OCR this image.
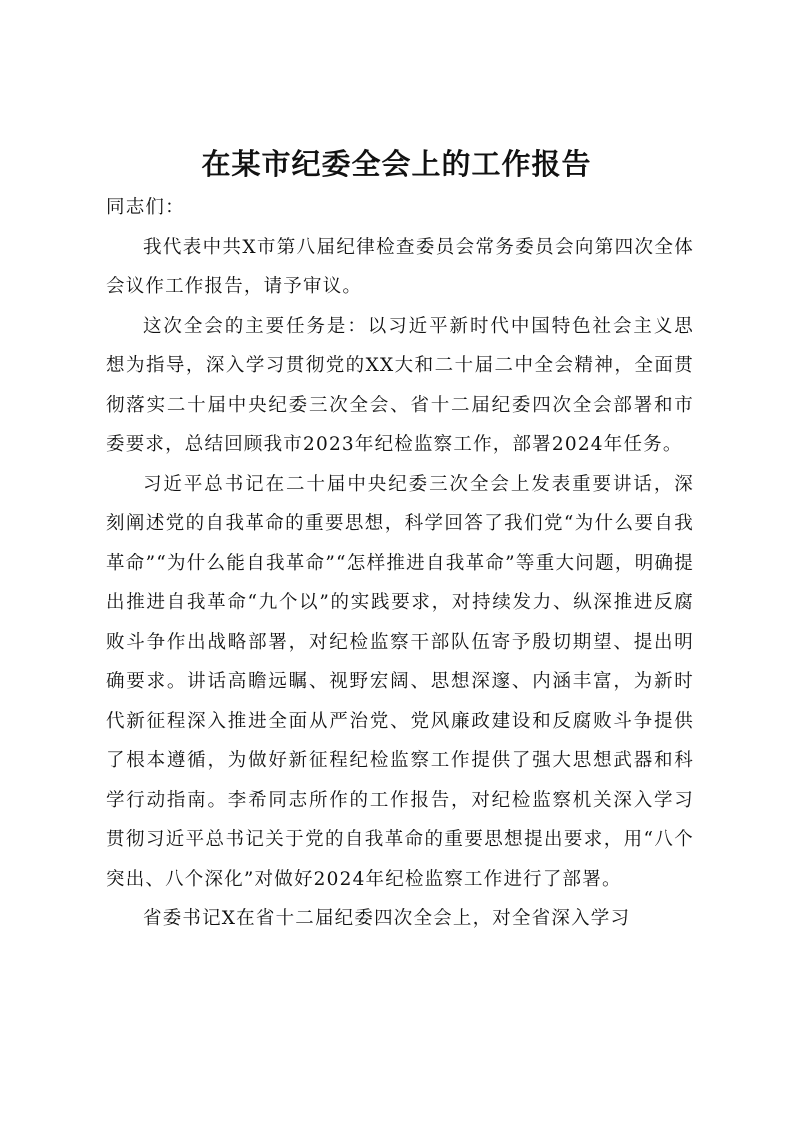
在某市纪委全会上的工作报告

同志们：

我代表中共X市第八届纪律检查委员会常务委员会向第四次全体会议作工作报告，请予审议。

这次全会的主要任务是：以习近平新时代中国特色社会主义思想为指导，深入学习贯彻党的XX大和二十届二中全会精神，全面贯彻落实二十届中央纪委三次全会、省十二届纪委四次全会部署和市委要求，总结回顾我市2023年纪检监察工作，部署2024年任务。

习近平总书记在二十届中央纪委三次全会上发表重要讲话，深刻阐述党的自我革命的重要思想，科学回答了我们党“为什么要自我革命”“为什么能自我革命”“怎样推进自我革命”等重大问题，明确提出推进自我革命“九个以”的实践要求，对持续发力、纵深推进反腐败斗争作出战略部署，对纪检监察干部队伍寄予殷切期望、提出明确要求。讲话高瞻远瞩、视野宏阔、思想深邃、内涵丰富，为新时代新征程深入推进全面从严治党、党风廉政建设和反腐败斗争提供了根本遵循，为做好新征程纪检监察工作提供了强大思想武器和科学行动指南。李希同志所作的工作报告，对纪检监察机关深入学习贯彻习近平总书记关于党的自我革命的重要思想提出要求，用“八个突出、八个深化”对做好2024年纪检监察工作进行了部署。

省委书记X在省十二届纪委四次全会上，对全省深入学习
